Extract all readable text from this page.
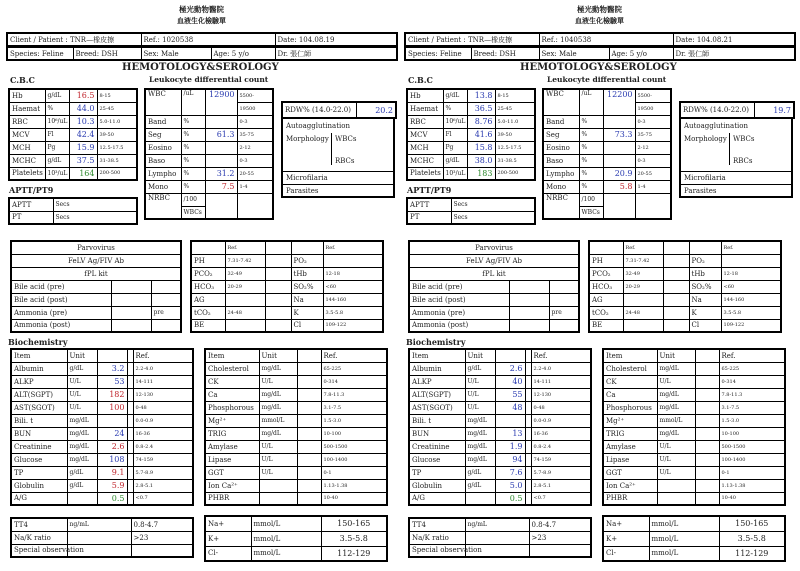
極光動物醫院
血液生化檢驗單
Client / Patient : TNR—橡皮擦	Ref.: 1020538	Date: 104.08.19
Species: Feline	Breed: DSH	Sex: Male	Age: 5 y/o	Dr. 張仁師
HEMOTOLOGY&SEROLOGY
C.B.C	Leukocyte differential count
Hb	g/dL	16.5	8-15
Haemat	%	44.0	25-45
RBC	10⁶/uL	10.3	5.0-11.0
MCV	Fl	42.4	39-50
MCH	Pg	15.9	12.5-17.5
MCHC	g/dL	37.5	31-38.5
Platelets	10³/uL	164	200-500
WBC	/uL	12900	5500-
			19500
Band	%		0-3
Seg	%	61.3	35-75
Eosino	%		2-12
Baso	%		0-3
Lympho	%	31.2	20-55
Mono	%	7.5	1-4
NRBC	/100		
	WBCs		
RDW% (14.0-22.0)	20.2
Autoagglutination
Morphology WBCs
RBCs
Microfilaria
Parasites
APTT/PT9
APTT	Secs
PT	Secs
Parvovirus		
FeLV Ag/FIV Ab		
fPL kit		
Bile acid (pre)		
Bile acid (post)		
Ammonia (pre)		pre
Ammonia (post)		
	Ref.			Ref.
PH	7.31-7.42		PO₂	
PCO₂	32-49		tHb	12-18
HCO₃	20-29		SO₂%	<60
AG			Na	144-160
tCO₂	24-48		K	3.5-5.8
BE			Cl	109-122
Biochemistry
Item	Unit			Ref.
Albumin	g/dL	3.2		2.2-4.0
ALKP	U/L	53		14-111
ALT(SGPT)	U/L	182		12-130
AST(SGOT)	U/L	100		0-48
Bili. t	mg/dL			0.0-0.9
BUN	mg/dL	24		16-36
Creatinine	mg/dL	2.6		0.8-2.4
Glucose	mg/dL	108		74-159
TP	g/dL	9.1		5.7-8.9
Globulin	g/dL	5.9		2.8-5.1
A/G		0.5		<0.7
Item	Unit		Ref.
Cholesterol	mg/dL		65-225
CK	U/L		0-314
Ca	mg/dL		7.8-11.3
Phosphorous	mg/dL		3.1-7.5
Mg²⁺	mmol/L		1.5-3.0
TRIG	mg/dL		10-100
Amylase	U/L		500-1500
Lipase	U/L		100-1400
GGT	U/L		0-1
Ion Ca²⁺			1.13-1.38
PHBR			10-40
TT4	ng/mL	0.8-4.7
Na/K ratio		>23
Special observation		
Na+	mmol/L	150-165
K+	mmol/L	3.5-5.8
Cl-	mmol/L	112-129
極光動物醫院
血液生化檢驗單
Client / Patient : TNR—橡皮擦	Ref.: 1040538	Date: 104.08.21
Species: Feline	Breed: DSH	Sex: Male	Age: 5 y/o	Dr. 張仁師
HEMOTOLOGY&SEROLOGY
C.B.C	Leukocyte differential count
Hb	g/dL	13.8	8-15
Haemat	%	36.5	25-45
RBC	10⁶/uL	8.76	5.0-11.0
MCV	Fl	41.6	39-50
MCH	Pg	15.8	12.5-17.5
MCHC	g/dL	38.0	31-38.5
Platelets	10³/uL	183	200-500
WBC	/uL	12200	5500-
			19500
Band	%		0-3
Seg	%	73.3	35-75
Eosino	%		2-12
Baso	%		0-3
Lympho	%	20.9	20-55
Mono	%	5.8	1-4
NRBC	/100		
	WBCs		
RDW% (14.0-22.0)	19.7
Autoagglutination
Morphology WBCs
RBCs
Microfilaria
Parasites
APTT/PT9
APTT	Secs
PT	Secs
Parvovirus		
FeLV Ag/FIV Ab		
fPL kit		
Bile acid (pre)		
Bile acid (post)		
Ammonia (pre)		pre
Ammonia (post)		
	Ref.			Ref.
PH	7.31-7.42		PO₂	
PCO₂	32-49		tHb	12-18
HCO₃	20-29		SO₂%	<60
AG			Na	144-160
tCO₂	24-48		K	3.5-5.8
BE			Cl	109-122
Biochemistry
Item	Unit			Ref.
Albumin	g/dL	2.6		2.2-4.0
ALKP	U/L	40		14-111
ALT(SGPT)	U/L	55		12-130
AST(SGOT)	U/L	48		0-48
Bili. t	mg/dL			0.0-0.9
BUN	mg/dL	13		16-36
Creatinine	mg/dL	1.9		0.8-2.4
Glucose	mg/dL	94		74-159
TP	g/dL	7.6		5.7-8.9
Globulin	g/dL	5.0		2.8-5.1
A/G		0.5		<0.7
Item	Unit		Ref.
Cholesterol	mg/dL		65-225
CK	U/L		0-314
Ca	mg/dL		7.8-11.3
Phosphorous	mg/dL		3.1-7.5
Mg²⁺	mmol/L		1.5-3.0
TRIG	mg/dL		10-100
Amylase	U/L		500-1500
Lipase	U/L		100-1400
GGT	U/L		0-1
Ion Ca²⁺			1.13-1.38
PHBR			10-40
TT4	ng/mL	0.8-4.7
Na/K ratio		>23
Special observation		
Na+	mmol/L	150-165
K+	mmol/L	3.5-5.8
Cl-	mmol/L	112-129
